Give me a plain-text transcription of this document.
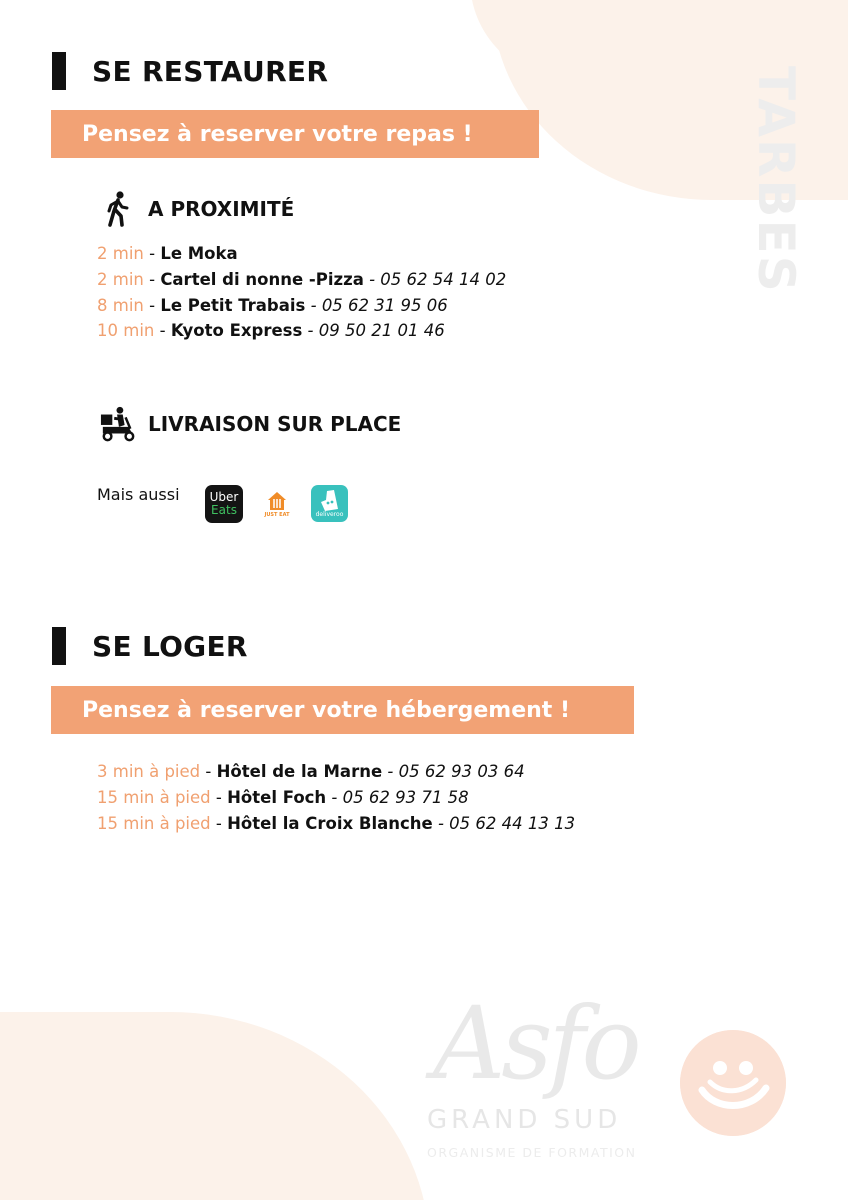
TARBES
SE RESTAURER
Pensez à reserver votre repas !
A PROXIMITÉ
2 min - Le Moka
2 min - Cartel di nonne -Pizza - 05 62 54 14 02
8 min - Le Petit Trabais - 05 62 31 95 06
10 min - Kyoto Express - 09 50 21 01 46
LIVRAISON SUR PLACE
Mais aussi	Uber
Eats	JUST EAT	deliveroo
SE LOGER
Pensez à reserver votre hébergement !
3 min à pied - Hôtel de la Marne - 05 62 93 03 64
15 min à pied - Hôtel Foch - 05 62 93 71 58
15 min à pied - Hôtel la Croix Blanche - 05 62 44 13 13
Asfo
GRAND SUD
ORGANISME DE FORMATION
